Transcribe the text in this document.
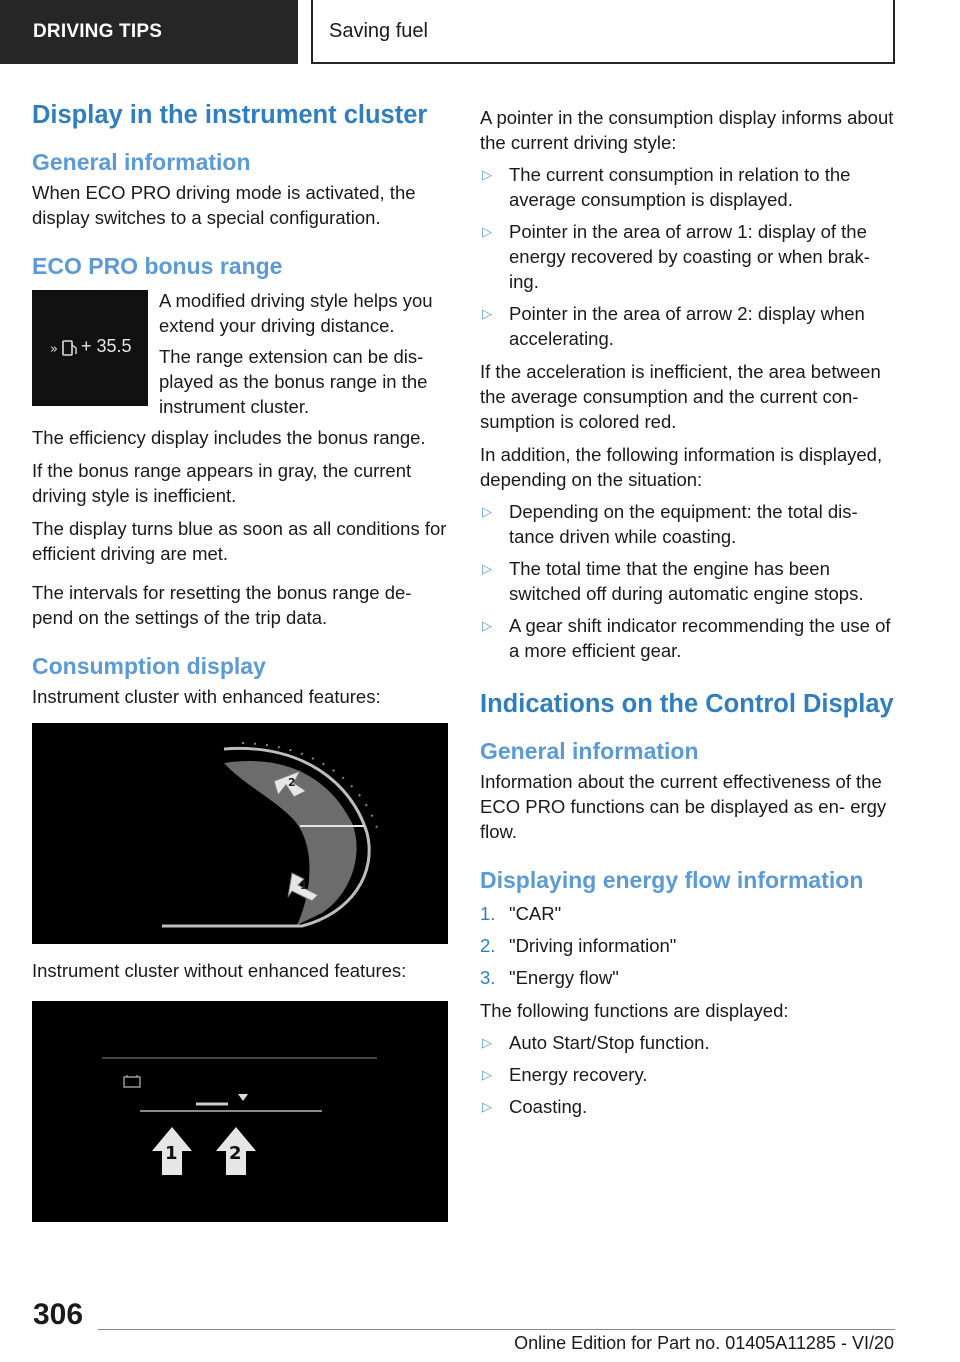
DRIVING TIPS	Saving fuel
Display in the instrument cluster
General information

When ECO PRO driving mode is activated, the display switches to a special configuration.

ECO PRO bonus range
» + 35.5

A modified driving style helps you extend your driving distance.

The range extension can be dis- played as the bonus range in the instrument cluster.

The efficiency display includes the bonus range.

If the bonus range appears in gray, the current driving style is inefficient.

The display turns blue as soon as all conditions for efficient driving are met.

The intervals for resetting the bonus range de- pend on the settings of the trip data.

Consumption display

Instrument cluster with enhanced features:

2
1

Instrument cluster without enhanced features:

1	2

A pointer in the consumption display informs about the current driving style:

▷ The current consumption in relation to the average consumption is displayed.
▷ Pointer in the area of arrow 1: display of the energy recovered by coasting or when brak- ing.
▷ Pointer in the area of arrow 2: display when accelerating.

If the acceleration is inefficient, the area between the average consumption and the current con- sumption is colored red.

In addition, the following information is displayed, depending on the situation:

▷ Depending on the equipment: the total dis- tance driven while coasting.
▷ The total time that the engine has been switched off during automatic engine stops.
▷ A gear shift indicator recommending the use of a more efficient gear.
Indications on the Control Display
General information

Information about the current effectiveness of the ECO PRO functions can be displayed as en- ergy flow.

Displaying energy flow information
1. "CAR"
2. "Driving information"
3. "Energy flow"

The following functions are displayed:

▷ Auto Start/Stop function.
▷ Energy recovery.
▷ Coasting.
306
Online Edition for Part no. 01405A11285 - VI/20
